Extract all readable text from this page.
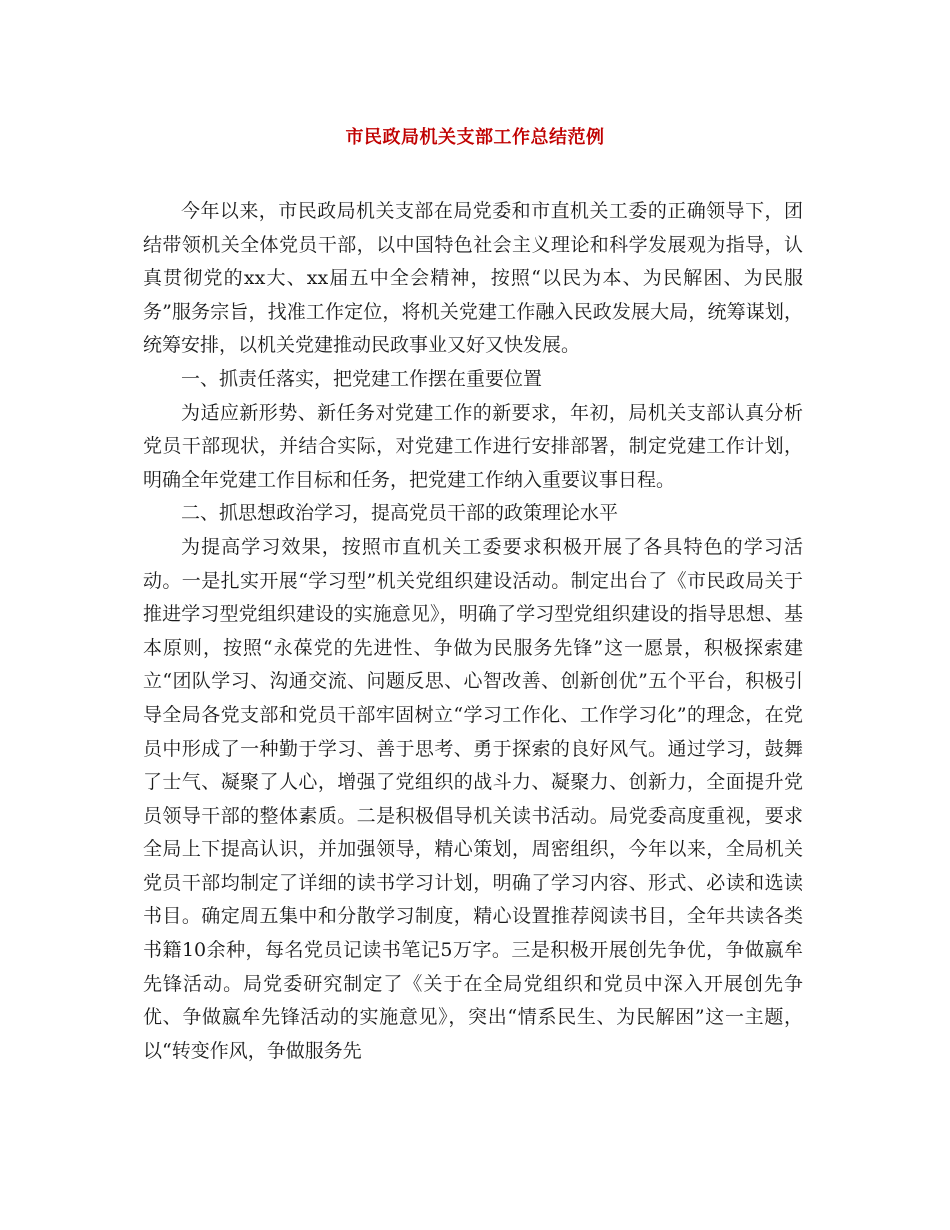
市民政局机关支部工作总结范例

今年以来，市民政局机关支部在局党委和市直机关工委的正确领导下，团结带领机关全体党员干部，以中国特色社会主义理论和科学发展观为指导，认真贯彻党的xx大、xx届五中全会精神，按照“以民为本、为民解困、为民服务”服务宗旨，找准工作定位，将机关党建工作融入民政发展大局，统筹谋划，统筹安排，以机关党建推动民政事业又好又快发展。

一、抓责任落实，把党建工作摆在重要位置

为适应新形势、新任务对党建工作的新要求，年初，局机关支部认真分析党员干部现状，并结合实际，对党建工作进行安排部署，制定党建工作计划，明确全年党建工作目标和任务，把党建工作纳入重要议事日程。

二、抓思想政治学习，提高党员干部的政策理论水平

为提高学习效果，按照市直机关工委要求积极开展了各具特色的学习活动。一是扎实开展“学习型”机关党组织建设活动。制定出台了《市民政局关于推进学习型党组织建设的实施意见》，明确了学习型党组织建设的指导思想、基本原则，按照“永葆党的先进性、争做为民服务先锋”这一愿景，积极探索建立“团队学习、沟通交流、问题反思、心智改善、创新创优”五个平台，积极引导全局各党支部和党员干部牢固树立“学习工作化、工作学习化”的理念，在党员中形成了一种勤于学习、善于思考、勇于探索的良好风气。通过学习，鼓舞了士气、凝聚了人心，增强了党组织的战斗力、凝聚力、创新力，全面提升党员领导干部的整体素质。二是积极倡导机关读书活动。局党委高度重视，要求全局上下提高认识，并加强领导，精心策划，周密组织，今年以来，全局机关党员干部均制定了详细的读书学习计划，明确了学习内容、形式、必读和选读书目。确定周五集中和分散学习制度，精心设置推荐阅读书目，全年共读各类书籍10余种，每名党员记读书笔记5万字。三是积极开展创先争优，争做嬴牟先锋活动。局党委研究制定了《关于在全局党组织和党员中深入开展创先争优、争做嬴牟先锋活动的实施意见》，突出“情系民生、为民解困”这一主题，以“转变作风，争做服务先
